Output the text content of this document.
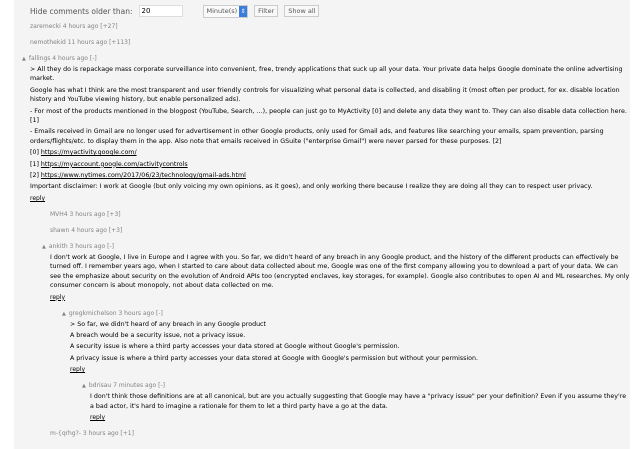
Hide comments older than:
20	Minute(s) ⇕	Filter	Show all
zaremecki 4 hours ago [+27]
nemothekid 11 hours ago [+113]
▲ fallings 4 hours ago [-]

> All they do is repackage mass corporate surveillance into convenient, free, trendy applications that suck up all your data. Your private data helps Google dominate the online advertising market.

Google has what I think are the most transparent and user friendly controls for visualizing what personal data is collected, and disabling it (most often per product, for ex. disable location history and YouTube viewing history, but enable personalized ads).

- For most of the products mentioned in the blogpost (YouTube, Search, ...), people can just go to MyActivity [0] and delete any data they want to. They can also disable data collection here. [1]

- Emails received in Gmail are no longer used for advertisement in other Google products, only used for Gmail ads, and features like searching your emails, spam prevention, parsing orders/flights/etc. to display them in the app. Also note that emails received in GSuite ("enterprise Gmail") were never parsed for these purposes. [2]

[0] https://myactivity.google.com/

[1] https://myaccount.google.com/activitycontrols

[2] https://www.nytimes.com/2017/06/23/technology/gmail-ads.html

Important disclaimer: I work at Google (but only voicing my own opinions, as it goes), and only working there because I realize they are doing all they can to respect user privacy.

reply
MVH4 3 hours ago [+3]
shawn 4 hours ago [+3]
▲ ankith 3 hours ago [-]

I don't work at Google, I live in Europe and I agree with you. So far, we didn't heard of any breach in any Google product, and the history of the different products can effectively be turned off. I remember years ago, when I started to care about data collected about me, Google was one of the first company allowing you to download a part of your data. We can see the emphasize about security on the evolution of Android APIs too (encrypted enclaves, key storages, for example). Google also contributes to open AI and ML researches. My only consumer concern is about monopoly, not about data collected on me.

reply
▲ gregkmichelson 3 hours ago [-]

> So far, we didn't heard of any breach in any Google product

A breach would be a security issue, not a privacy issue.

A security issue is where a third party accesses your data stored at Google without Google's permission.

A privacy issue is where a third party accesses your data stored at Google with Google's permission but without your permission.

reply
▲ bdrisau 7 minutes ago [-]

I don't think those definitions are at all canonical, but are you actually suggesting that Google may have a "privacy issue" per your definition? Even if you assume they're a bad actor, it's hard to imagine a rationale for them to let a third party have a go at the data.

reply
m-{qrhg?- 3 hours ago [+1]
